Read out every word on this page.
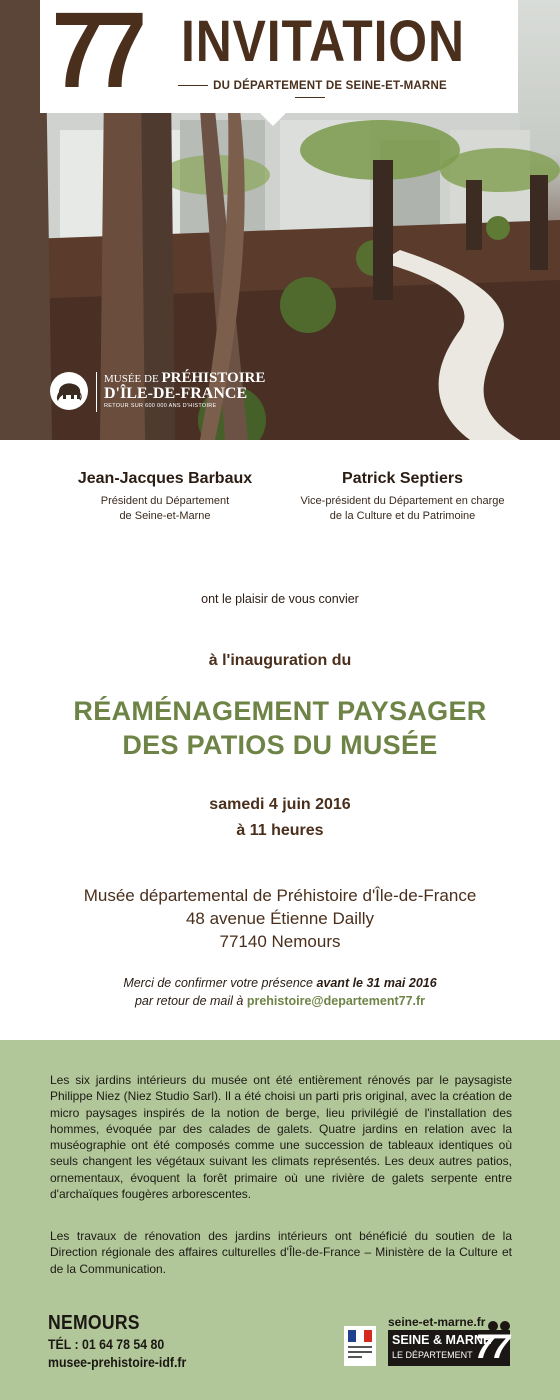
77 INVITATION
DU DÉPARTEMENT DE SEINE-ET-MARNE
MUSÉE DE PRÉHISTOIRE
D'ÎLE-DE-FRANCE
RETOUR SUR 600 000 ANS D'HISTOIRE
Jean-Jacques Barbaux
Président du Département
de Seine-et-Marne
Patrick Septiers
Vice-président du Département en charge
de la Culture et du Patrimoine
ont le plaisir de vous convier
à l'inauguration du
RÉAMÉNAGEMENT PAYSAGER
DES PATIOS DU MUSÉE
samedi 4 juin 2016
à 11 heures
Musée départemental de Préhistoire d'Île-de-France
48 avenue Étienne Dailly
77140 Nemours
Merci de confirmer votre présence avant le 31 mai 2016
par retour de mail à prehistoire@departement77.fr

Les six jardins intérieurs du musée ont été entièrement rénovés par le paysagiste Philippe Niez (Niez Studio Sarl). Il a été choisi un parti pris original, avec la création de micro paysages inspirés de la notion de berge, lieu privilégié de l'installation des hommes, évoquée par des calades de galets. Quatre jardins en relation avec la muséographie ont été composés comme une succession de tableaux identiques où seuls changent les végétaux suivant les climats représentés. Les deux autres patios, ornementaux, évoquent la forêt primaire où une rivière de galets serpente entre d'archaïques fougères arborescentes.

Les travaux de rénovation des jardins intérieurs ont bénéficié du soutien de la Direction régionale des affaires culturelles d'Île-de-France – Ministère de la Culture et de la Communication.

NEMOURS
TÉL : 01 64 78 54 80
musee-prehistoire-idf.fr
seine-et-marne.fr
SEINE & MARNE
LE DÉPARTEMENT 77
